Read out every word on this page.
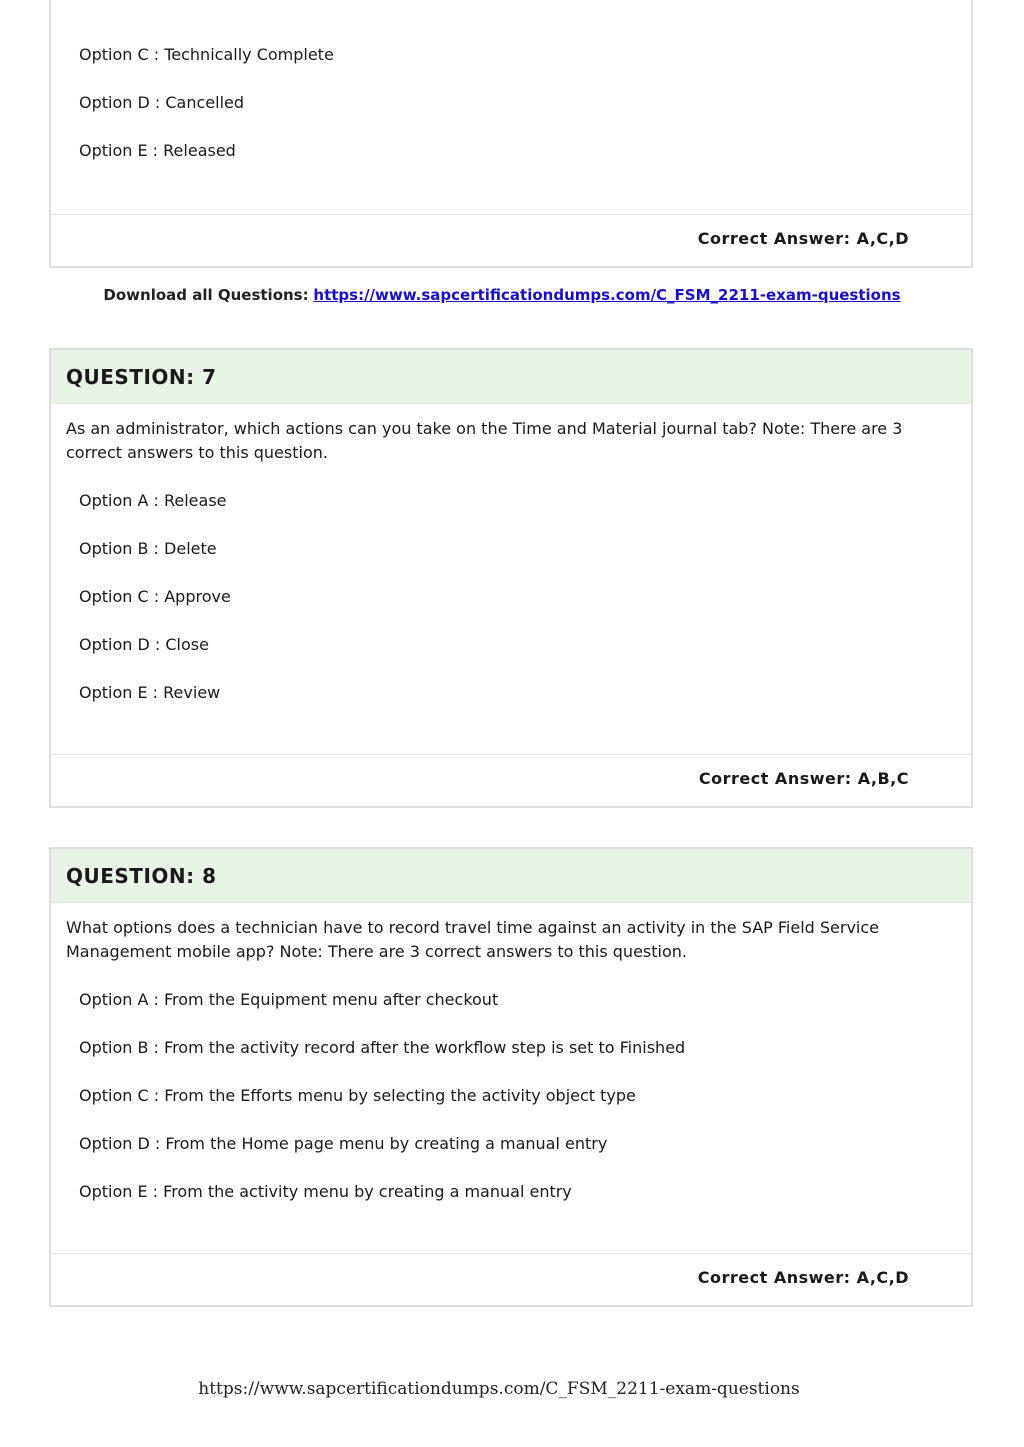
Option C : Technically Complete
Option D : Cancelled
Option E : Released
Correct Answer: A,C,D
Download all Questions: https://www.sapcertificationdumps.com/C_FSM_2211-exam-questions
QUESTION: 7
As an administrator, which actions can you take on the Time and Material journal tab? Note: There are 3 correct answers to this question.
Option A : Release
Option B : Delete
Option C : Approve
Option D : Close
Option E : Review
Correct Answer: A,B,C
QUESTION: 8
What options does a technician have to record travel time against an activity in the SAP Field Service Management mobile app? Note: There are 3 correct answers to this question.
Option A : From the Equipment menu after checkout
Option B : From the activity record after the workflow step is set to Finished
Option C : From the Efforts menu by selecting the activity object type
Option D : From the Home page menu by creating a manual entry
Option E : From the activity menu by creating a manual entry
Correct Answer: A,C,D
https://www.sapcertificationdumps.com/C_FSM_2211-exam-questions
